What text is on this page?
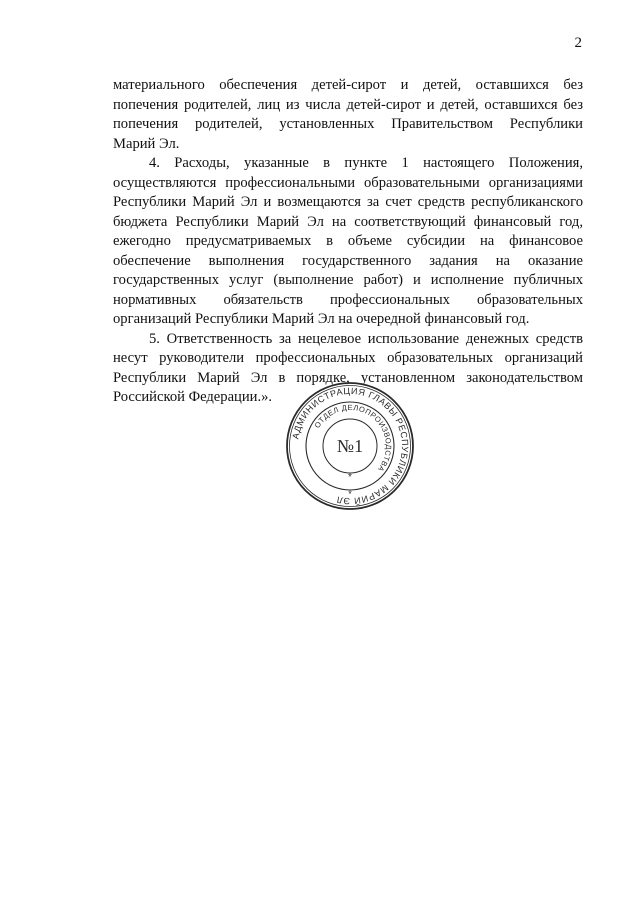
2

материального обеспечения детей-сирот и детей, оставшихся без
попечения родителей, лиц из числа детей-сирот и детей, оставшихся без
попечения родителей, установленных Правительством Республики
Марий Эл.

4. Расходы, указанные в пункте 1 настоящего Положения,
осуществляются профессиональными образовательными организациями
Республики Марий Эл и возмещаются за счет средств республиканского
бюджета Республики Марий Эл на соответствующий финансовый год,
ежегодно предусматриваемых в объеме субсидии на финансовое
обеспечение выполнения государственного задания на оказание
государственных услуг (выполнение работ) и исполнение публичных
нормативных обязательств профессиональных образовательных
организаций Республики Марий Эл на очередной финансовый год.

5. Ответственность за нецелевое использование денежных средств
несут руководители профессиональных образовательных организаций
Республики Марий Эл в порядке, установленном законодательством
Российской Федерации.».

АДМИНИСТРАЦИЯ ГЛАВЫ РЕСПУБЛИКИ МАРИЙ ЭЛ
ОТДЕЛ ДЕЛОПРОИЗВОДСТВА
№1
*
*
